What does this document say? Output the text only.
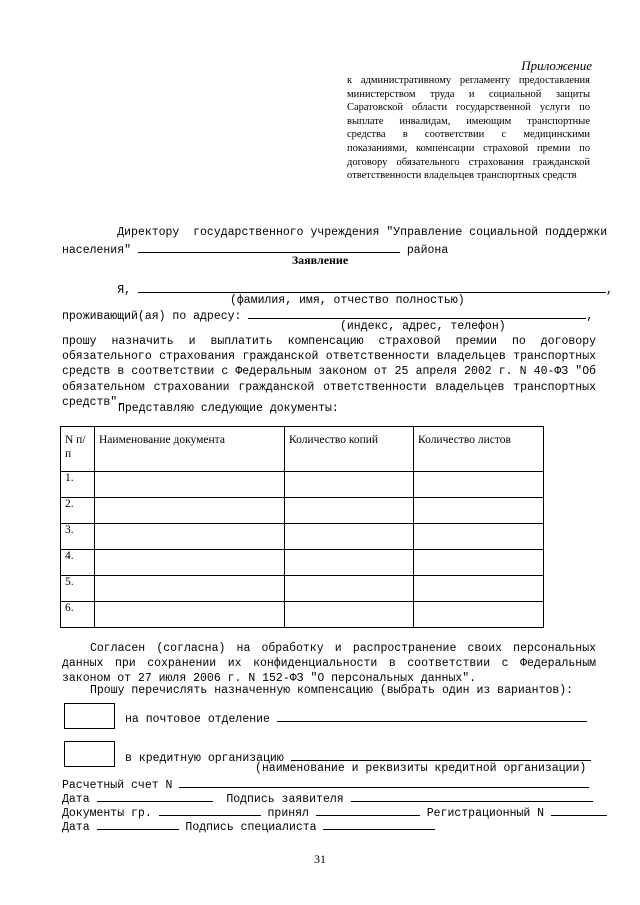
Приложение
к административному регламенту предоставления министерством труда и социальной защиты Саратовской области государственной услуги по выплате инвалидам, имеющим транспортные средства в соответствии с медицинскими показаниями, компенсации страховой премии по договору обязательного страхования гражданской ответственности владельцев транспортных средств
Директору  государственного учреждения "Управление социальной поддержки
населения"	района
Заявление
Я,	,
(фамилия, имя, отчество полностью)
проживающий(ая) по адресу:	,
(индекс, адрес, телефон)
прошу назначить и выплатить компенсацию страховой премии по договору обязательного страхования гражданской ответственности владельцев транспортных средств в соответствии с Федеральным законом от 25 апреля 2002 г. N 40-ФЗ "Об обязательном страховании гражданской ответственности владельцев транспортных средств".
Представляю следующие документы:
N п/п	Наименование документа	Количество копий	Количество листов
1.			
2.			
3.			
4.			
5.			
6.			
Согласен (согласна) на обработку и распространение своих персональных данных при сохранении их конфиденциальности в соответствии с Федеральным законом от 27 июля 2006 г. N 152-ФЗ "О персональных данных".
Прошу перечислять назначенную компенсацию (выбрать один из вариантов):
на почтовое отделение
в кредитную организацию
(наименование и реквизиты кредитной организации)
Расчетный счет N
Дата	Подпись заявителя
Документы гр.	принял	Регистрационный N
Дата	Подпись специалиста
31
